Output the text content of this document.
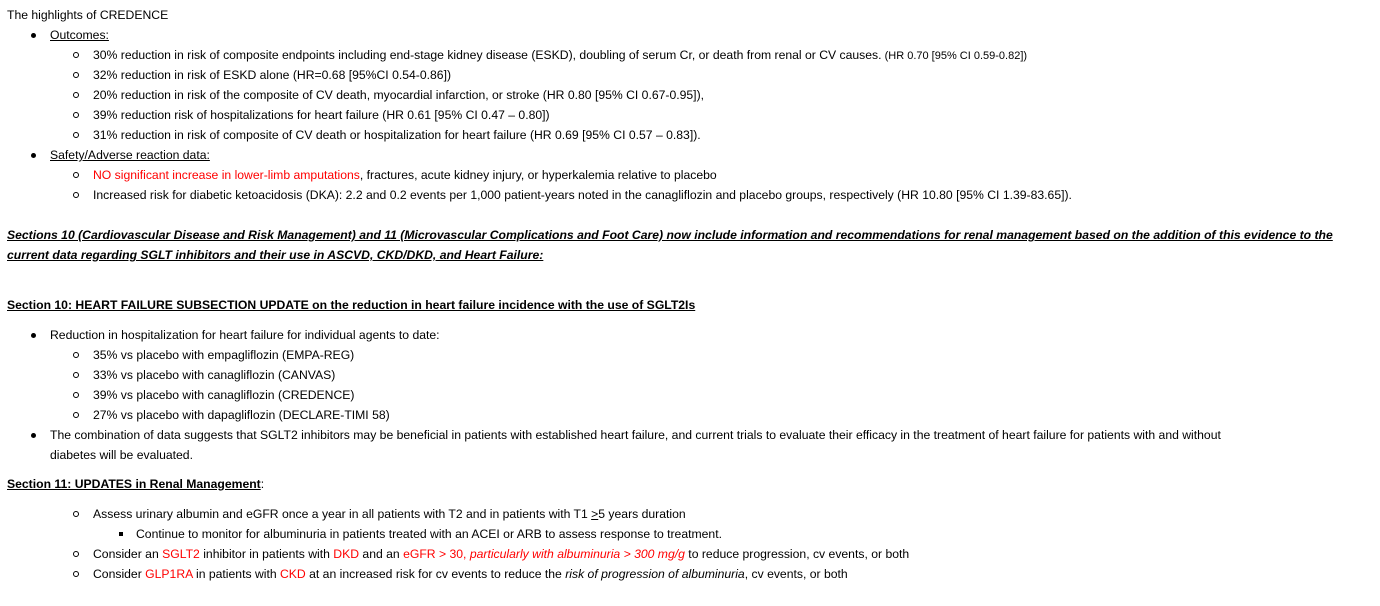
The highlights of CREDENCE
Outcomes:
30% reduction in risk of composite endpoints including end-stage kidney disease (ESKD), doubling of serum Cr, or death from renal or CV causes. (HR 0.70 [95% CI 0.59-0.82])
32% reduction in risk of ESKD alone (HR=0.68 [95%CI 0.54-0.86])
20% reduction in risk of the composite of CV death, myocardial infarction, or stroke (HR 0.80 [95% CI 0.67-0.95]),
39% reduction risk of hospitalizations for heart failure (HR 0.61 [95% CI 0.47 – 0.80])
31% reduction in risk of composite of CV death or hospitalization for heart failure (HR 0.69 [95% CI 0.57 – 0.83]).
Safety/Adverse reaction data:
NO significant increase in lower-limb amputations, fractures, acute kidney injury, or hyperkalemia relative to placebo
Increased risk for diabetic ketoacidosis (DKA): 2.2 and 0.2 events per 1,000 patient-years noted in the canagliflozin and placebo groups, respectively (HR 10.80 [95% CI 1.39-83.65]).
Sections 10 (Cardiovascular Disease and Risk Management) and 11 (Microvascular Complications and Foot Care) now include information and recommendations for renal management based on the addition of this evidence to the
current data regarding SGLT inhibitors and their use in ASCVD, CKD/DKD, and Heart Failure:
Section 10: HEART FAILURE SUBSECTION UPDATE on the reduction in heart failure incidence with the use of SGLT2Is
Reduction in hospitalization for heart failure for individual agents to date:
35% vs placebo with empagliflozin (EMPA-REG)
33% vs placebo with canagliflozin (CANVAS)
39% vs placebo with canagliflozin (CREDENCE)
27% vs placebo with dapagliflozin (DECLARE-TIMI 58)
The combination of data suggests that SGLT2 inhibitors may be beneficial in patients with established heart failure, and current trials to evaluate their efficacy in the treatment of heart failure for patients with and without
diabetes will be evaluated.
Section 11: UPDATES in Renal Management:
Assess urinary albumin and eGFR once a year in all patients with T2 and in patients with T1 ≥5 years duration
Continue to monitor for albuminuria in patients treated with an ACEI or ARB to assess response to treatment.
Consider an SGLT2 inhibitor in patients with DKD and an eGFR > 30, particularly with albuminuria > 300 mg/g to reduce progression, cv events, or both
Consider GLP1RA in patients with CKD at an increased risk for cv events to reduce the risk of progression of albuminuria, cv events, or both
